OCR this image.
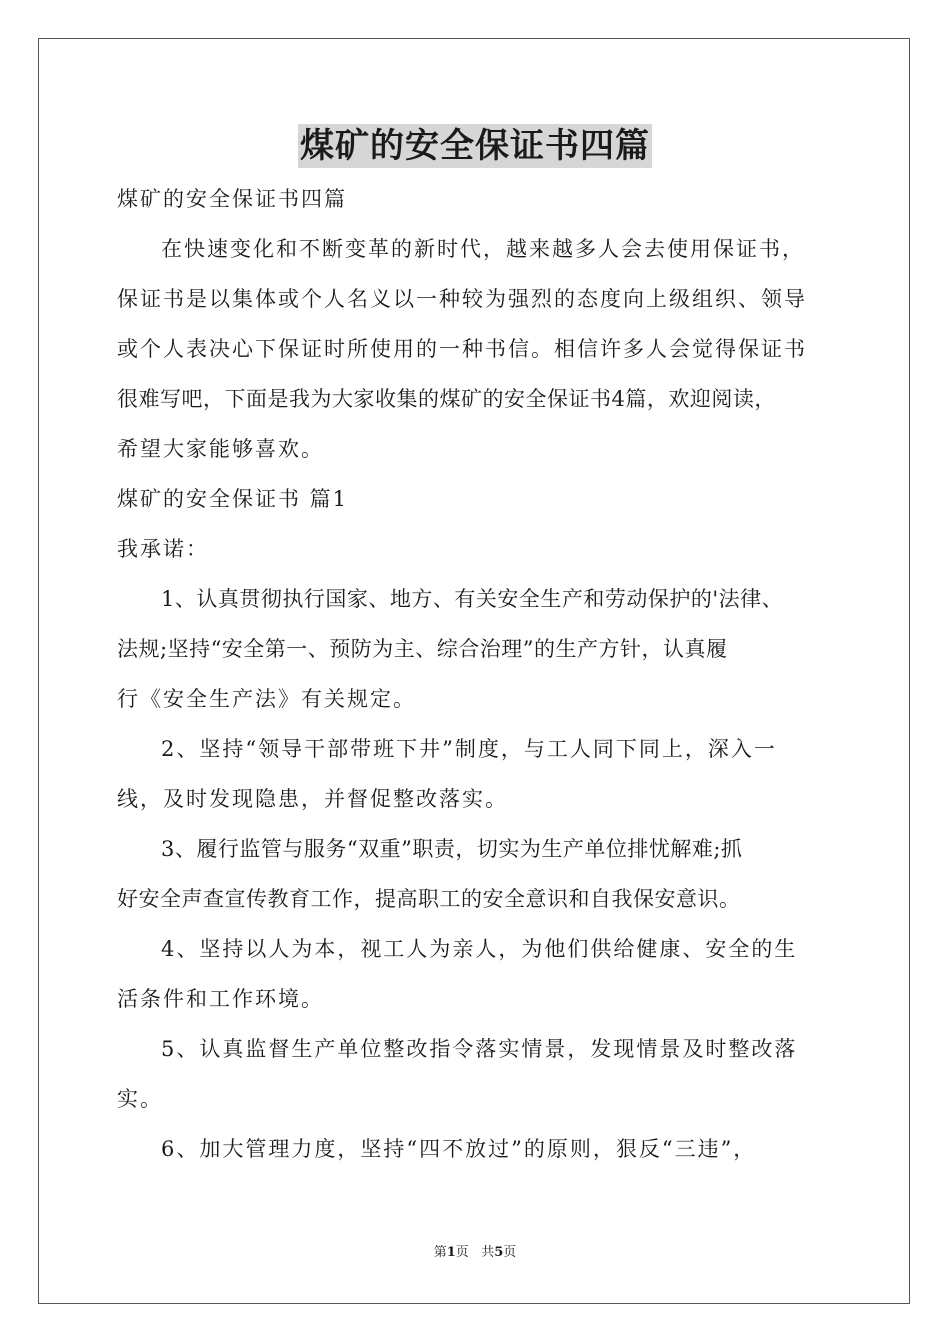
煤矿的安全保证书四篇
煤矿的安全保证书四篇
在快速变化和不断变革的新时代，越来越多人会去使用保证书，
保证书是以集体或个人名义以一种较为强烈的态度向上级组织、领导
或个人表决心下保证时所使用的一种书信。相信许多人会觉得保证书
很难写吧，下面是我为大家收集的煤矿的安全保证书4篇，欢迎阅读，
希望大家能够喜欢。
煤矿的安全保证书 篇1
我承诺：
1、认真贯彻执行国家、地方、有关安全生产和劳动保护的'法律、
法规;坚持“安全第一、预防为主、综合治理”的生产方针，认真履
行《安全生产法》有关规定。
2、坚持“领导干部带班下井”制度，与工人同下同上，深入一
线，及时发现隐患，并督促整改落实。
3、履行监管与服务“双重”职责，切实为生产单位排忧解难;抓
好安全声查宣传教育工作，提高职工的安全意识和自我保安意识。
4、坚持以人为本，视工人为亲人，为他们供给健康、安全的生
活条件和工作环境。
5、认真监督生产单位整改指令落实情景，发现情景及时整改落
实。
6、加大管理力度，坚持“四不放过”的原则，狠反“三违”，
第1页 共5页
